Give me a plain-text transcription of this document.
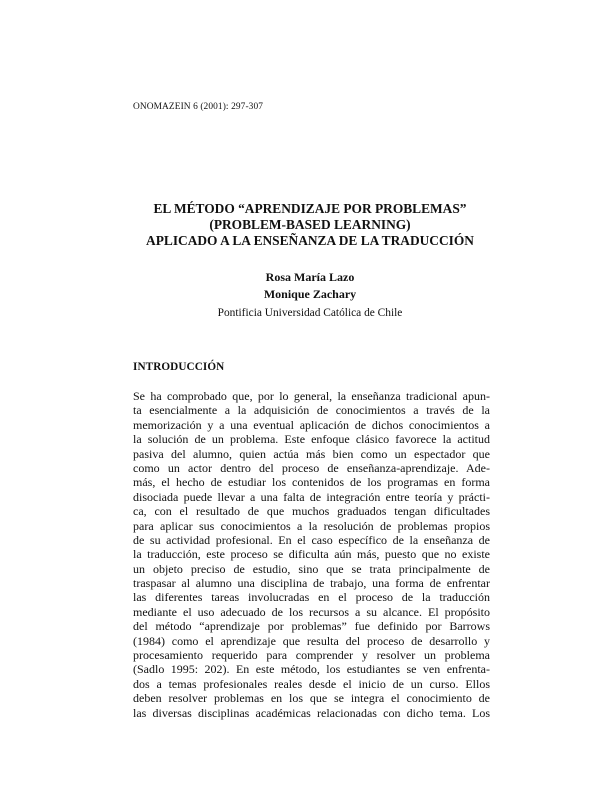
ONOMAZEIN 6 (2001): 297-307
EL MÉTODO “APRENDIZAJE POR PROBLEMAS”
(PROBLEM-BASED LEARNING)
APLICADO A LA ENSEÑANZA DE LA TRADUCCIÓN
Rosa María Lazo
Monique Zachary
Pontificia Universidad Católica de Chile
INTRODUCCIÓN
Se ha comprobado que, por lo general, la enseñanza tradicional apun-
ta esencialmente a la adquisición de conocimientos a través de la
memorización y a una eventual aplicación de dichos conocimientos a
la solución de un problema. Este enfoque clásico favorece la actitud
pasiva del alumno, quien actúa más bien como un espectador que
como un actor dentro del proceso de enseñanza-aprendizaje. Ade-
más, el hecho de estudiar los contenidos de los programas en forma
disociada puede llevar a una falta de integración entre teoría y prácti-
ca, con el resultado de que muchos graduados tengan dificultades
para aplicar sus conocimientos a la resolución de problemas propios
de su actividad profesional. En el caso específico de la enseñanza de
la traducción, este proceso se dificulta aún más, puesto que no existe
un objeto preciso de estudio, sino que se trata principalmente de
traspasar al alumno una disciplina de trabajo, una forma de enfrentar
las diferentes tareas involucradas en el proceso de la traducción
mediante el uso adecuado de los recursos a su alcance. El propósito
del método “aprendizaje por problemas” fue definido por Barrows
(1984) como el aprendizaje que resulta del proceso de desarrollo y
procesamiento requerido para comprender y resolver un problema
(Sadlo 1995: 202). En este método, los estudiantes se ven enfrenta-
dos a temas profesionales reales desde el inicio de un curso. Ellos
deben resolver problemas en los que se integra el conocimiento de
las diversas disciplinas académicas relacionadas con dicho tema. Los
